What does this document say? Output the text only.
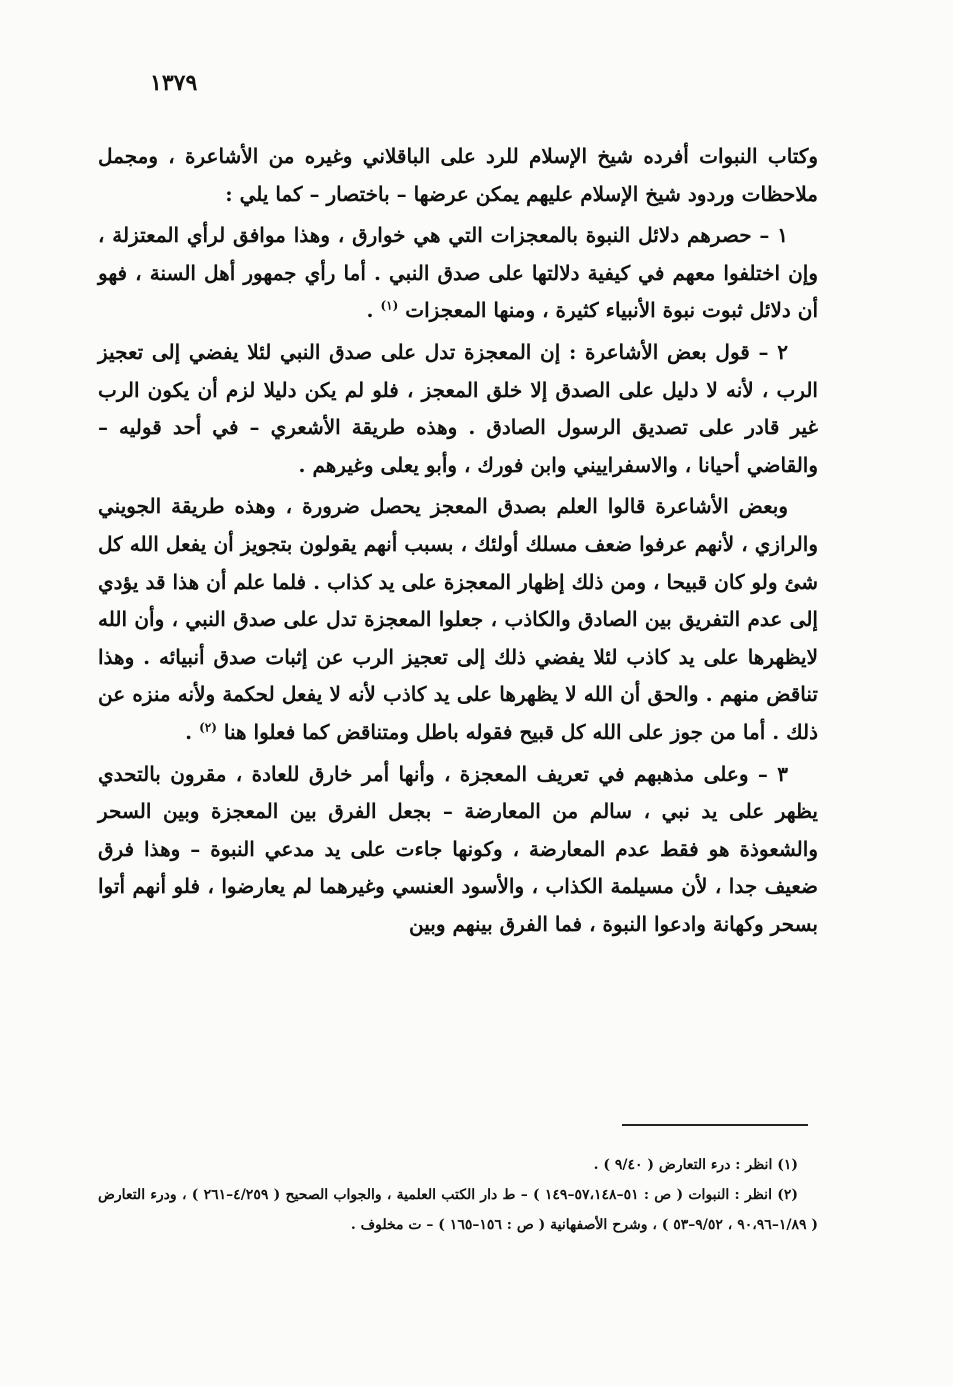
١٣٧٩

وكتاب النبوات أفرده شيخ الإسلام للرد على الباقلاني وغيره من الأشاعرة ، ومجمل ملاحظات وردود شيخ الإسلام عليهم يمكن عرضها – باختصار – كما يلي :

١ – حصرهم دلائل النبوة بالمعجزات التي هي خوارق ، وهذا موافق لرأي المعتزلة ، وإن اختلفوا معهم في كيفية دلالتها على صدق النبي . أما رأي جمهور أهل السنة ، فهو أن دلائل ثبوت نبوة الأنبياء كثيرة ، ومنها المعجزات $^{(١)}$ .

٢ – قول بعض الأشاعرة : إن المعجزة تدل على صدق النبي لئلا يفضي إلى تعجيز الرب ، لأنه لا دليل على الصدق إلا خلق المعجز ، فلو لم يكن دليلا لزم أن يكون الرب غير قادر على تصديق الرسول الصادق . وهذه طريقة الأشعري – في أحد قوليه – والقاضي أحيانا ، والاسفراييني وابن فورك ، وأبو يعلى وغيرهم .

وبعض الأشاعرة قالوا العلم بصدق المعجز يحصل ضرورة ، وهذه طريقة الجويني والرازي ، لأنهم عرفوا ضعف مسلك أولئك ، بسبب أنهم يقولون بتجويز أن يفعل الله كل شئ ولو كان قبيحا ، ومن ذلك إظهار المعجزة على يد كذاب . فلما علم أن هذا قد يؤدي إلى عدم التفريق بين الصادق والكاذب ، جعلوا المعجزة تدل على صدق النبي ، وأن الله لايظهرها على يد كاذب لئلا يفضي ذلك إلى تعجيز الرب عن إثبات صدق أنبيائه . وهذا تناقض منهم . والحق أن الله لا يظهرها على يد كاذب لأنه لا يفعل لحكمة ولأنه منزه عن ذلك . أما من جوز على الله كل قبيح فقوله باطل ومتناقض كما فعلوا هنا $^{(٢)}$ .

٣ – وعلى مذهبهم في تعريف المعجزة ، وأنها أمر خارق للعادة ، مقرون بالتحدي يظهر على يد نبي ، سالم من المعارضة – بجعل الفرق بين المعجزة وبين السحر والشعوذة هو فقط عدم المعارضة ، وكونها جاءت على يد مدعي النبوة – وهذا فرق ضعيف جدا ، لأن مسيلمة الكذاب ، والأسود العنسي وغيرهما لم يعارضوا ، فلو أنهم أتوا بسحر وكهانة وادعوا النبوة ، فما الفرق بينهم وبين

(١) انظر : درء التعارض ( ٩/٤٠ ) .

(٢) انظر : النبوات ( ص : ٥١–٥٧،١٤٨–١٤٩ ) – ط دار الكتب العلمية ، والجواب الصحيح ( ٤/٢٥٩–٢٦١ ) ، ودرء التعارض ( ١/٨٩–٩٠،٩٦ ، ٩/٥٢–٥٣ ) ، وشرح الأصفهانية ( ص : ١٥٦–١٦٥ ) – ت مخلوف .
